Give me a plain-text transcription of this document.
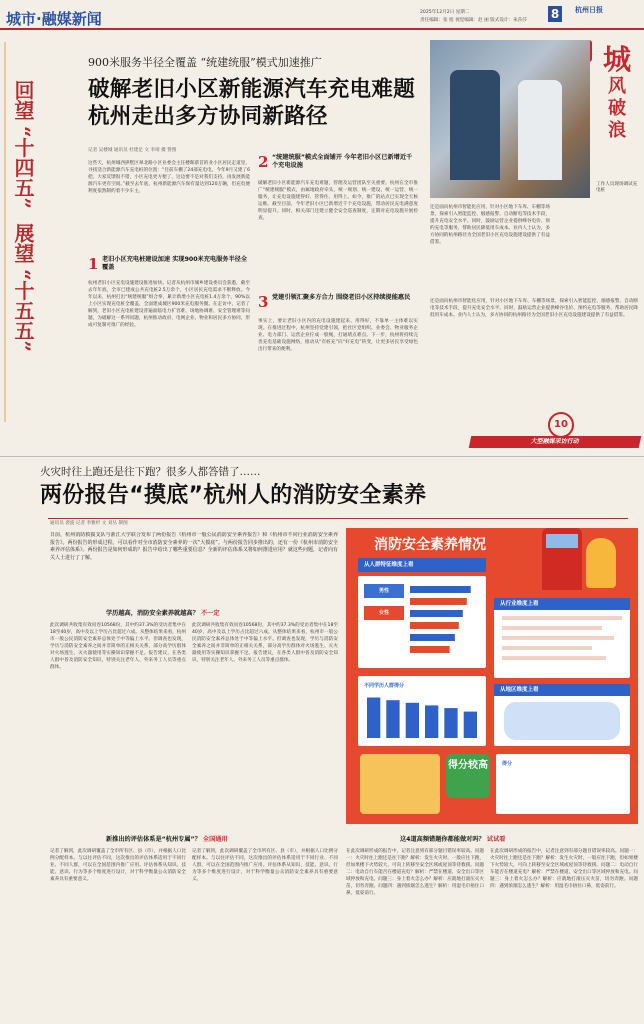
城市·融媒新闻	2025年12月2日 星期二
责任编辑：张 旭 视觉编辑：赵 丽 版式设计：朱莎莎 8	杭州日报
回望
“十四五”
展望
“十五五”
900米服务半径全覆盖 “统建统服”模式加速推广
破解老旧小区新能源汽车充电难题
杭州走出多方协同新路径
记者 吴楼城 通讯员 杜建足 文 李靖 摄 赞图
城
风
破
浪
工作人员现场调试充电桩
这些天，杭州城西拱墅区翠北路小区业委会主任楼晖蔡首的业小区居民走道里，寻找适合新能源汽车充电桩的位置：“目前车棚了24部充电电，今年9月又建了6把。大家反馈很不错，小区充电更方便了，这边要不是对我们支持，再发展新能源汽车更有空间。”截至去年底，杭州新能源汽车保有量达到120万辆，但充电便利度依然制约着不少车主。
1 老旧小区充电桩建设加速 实现900米充电服务半径全覆盖
杭州老旧小区充电设施建设推进加快。记者从杭州市城乡建设委员会获悉，截至去年年底，全市已建成公共充电桩2.5万余个，小区居民充电需求不断释放。今年以来，杭州打出“统建统服”组合拳，累计新增小区充电桩1.4万余个，90%以上小区实现充电桩全覆盖，全面建成城区900米充电服务圈。在走访中，记者了解到，老旧小区充电桩建设普遍面临电力扩容难、场地协调难、安全管理难等问题，为破解这一系列问题，杭州推动政府、电网企业、物业和居民多方协同，形成可复制可推广的经验。
2 “统建统服”模式全面铺开 今年老旧小区已新增近千个充电设施
破解老旧小区新能源汽车充电难题，管理及运营团队至关重要。杭州在全市推广“统建统服”模式，由属地政府牵头，统一规划、统一建设、统一运营、统一服务，让充电设施建得好、管得住、用得上。如今，推广的站点已实现全天候运维。截至目前，今年老旧小区已新增近千个充电设施，带动居民充电满意度明显提升。同时，相关部门还建立健全安全巡查制度，定期对充电设施开展检查。
3 党建引领汇聚多方合力 围绕老旧小区持续提能惠民
事实上，要让老旧小区内的充电设施建起来、用得好，不靠单一主体难以实现。在推进过程中，杭州坚持党建引领，把社区党组织、业委会、物业服务企业、电力部门、运营企业拧成一股绳，打通堵点难点。下一步，杭州将持续完善充电基础设施网络，推动从“有桩充”向“好充电”转变，让更多居民享受绿色出行带来的便利。
还是面向杭州市智能化应用，针对小区地下车库、车棚等场景，探索引入智能监控、烟感报警、自动断电等技术手段，提升充电安全水平。同时，鼓励运营企业提供峰谷电价、预约充电等服务，帮助居民降低用车成本。业内人士认为，多方协同的杭州路径为全国老旧小区充电设施建设提供了有益借鉴。
还是面向杭州市智能化应用，针对小区地下车库、车棚等场景，探索引入智能监控、烟感报警、自动断电等技术手段，提升充电安全水平。同时，鼓励运营企业提供峰谷电价、预约充电等服务，帮助居民降低用车成本。业内人士认为，多方协同的杭州路径为全国老旧小区充电设施建设提供了有益借鉴。
10
大型融媒采访行动
火灾时往上跑还是往下跑？很多人都答错了……
两份报告“摸底”杭州人的消防安全素养
通讯员 裴旋 记者 李雅杉 文 刘丛 制图
日前，杭州消防救援支队与浙江大学联合发布了两份报告《杭州市一般公民消防安全素养报告》和《杭州市不同行业消防安全素养报告》。两份报告的形成过程，可以看作对全市消防安全素养的一次“大摸底”。与两份报告同步推出的，还有一份《杭州市消防安全素养评估体系》。两份报告是如何形成的？报告中给出了哪些重要信息？全新的评估体系又将如何推进应用？就这些问题，记者向有关人士进行了了解。
学历越高，消防安全素养就越高？ 不一定
此次调研共收集有效问卷10568份，其中约37.3%的受访者集中在18至40岁，高中及以上学历占比超过六成。从整体结果来看，杭州市一般公民消防安全素养总体处于中等偏上水平。但调查也发现，学历与消防安全素养之间并非简单的正相关关系，部分高学历群体对火场逃生、灭火器使用等实操知识掌握不足。报告建议，在各类人群中普及消防安全知识，特别关注老年人、外来务工人员等重点群体。
此次调研共收集有效问卷10568份，其中约37.3%的受访者集中在18至40岁，高中及以上学历占比超过六成。从整体结果来看，杭州市一般公民消防安全素养总体处于中等偏上水平。但调查也发现，学历与消防安全素养之间并非简单的正相关关系，部分高学历群体对火场逃生、灭火器使用等实操知识掌握不足。报告建议，在各类人群中普及消防安全知识，特别关注老年人、外来务工人员等重点群体。
新推出的评估体系是“杭州专属”？ 全国通用
记者了解到，此次调研覆盖了全市所有区、县（市），并根据人口比例分配样本。与以往评估不同，这次推出的评估体系适用于不同行业、不同人群，可以在全国范围内推广应用。评估体系从知识、技能、意识、行为等多个维度进行设计，对于科学衡量公众消防安全素养具有重要意义。
记者了解到，此次调研覆盖了全市所有区、县（市），并根据人口比例分配样本。与以往评估不同，这次推出的评估体系适用于不同行业、不同人群，可以在全国范围内推广应用。评估体系从知识、技能、意识、行为等多个维度进行设计，对于科学衡量公众消防安全素养具有重要意义。
这4道高频错题你都能做对吗？ 试试看
在此次调研形成的报告中，记者注意到有部分题目错误率较高。问题一：火灾时往上跑还是往下跑？解析：发生火灾时，一般应往下跑，但如果楼下火势较大，可向上转移至安全区域或屋顶等待救援。问题二：电动自行车能否在楼道充电？解析：严禁在楼道、安全出口等区域停放和充电。问题三：身上着火怎么办？解析：应就地打滚压灭火苗，切勿奔跑。问题四：遇到浓烟怎么逃生？解析：用湿毛巾捂住口鼻，低姿前行。
在此次调研形成的报告中，记者注意到有部分题目错误率较高。问题一：火灾时往上跑还是往下跑？解析：发生火灾时，一般应往下跑，但如果楼下火势较大，可向上转移至安全区域或屋顶等待救援。问题二：电动自行车能否在楼道充电？解析：严禁在楼道、安全出口等区域停放和充电。问题三：身上着火怎么办？解析：应就地打滚压灭火苗，切勿奔跑。问题四：遇到浓烟怎么逃生？解析：用湿毛巾捂住口鼻，低姿前行。
消防安全素养情况
从人群特征维度上看
男性
女性
从行业维度上看
不同学历人群得分
从地区维度上看
得分较高	得分
